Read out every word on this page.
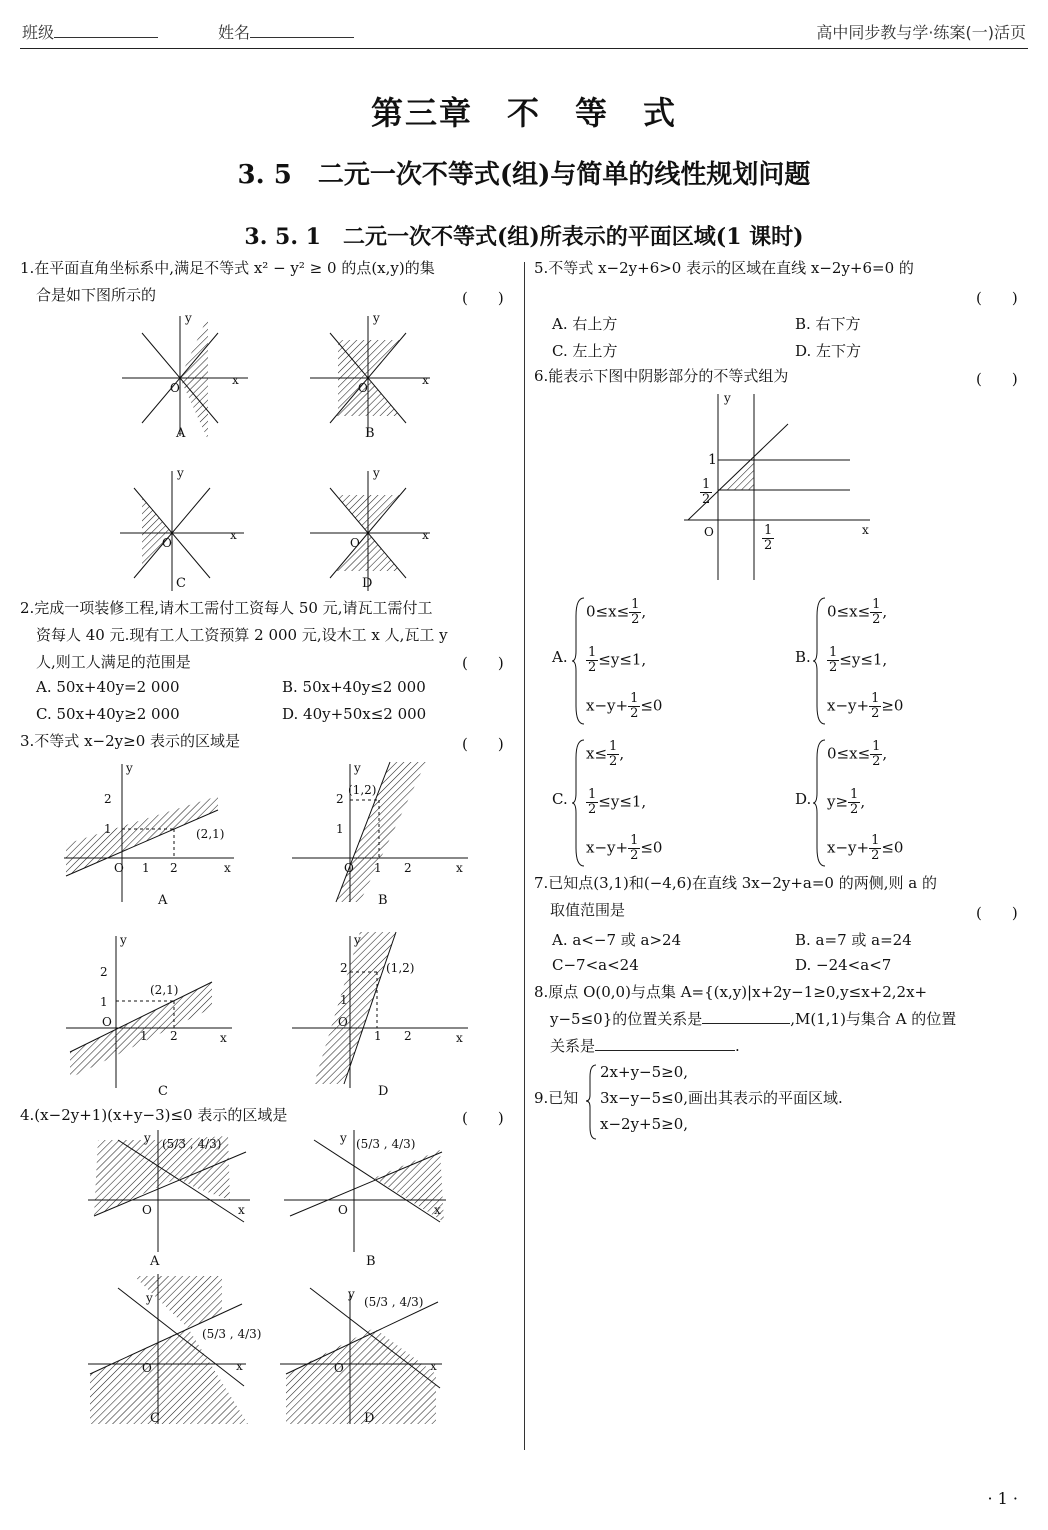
班级	姓名	高中同步教与学·练案(一)活页
第三章 不 等 式
3. 5　二元一次不等式(组)与简单的线性规划问题
3. 5. 1　二元一次不等式(组)所表示的平面区域(1 课时)
1.在平面直角坐标系中,满足不等式 x² − y² ≥ 0 的点(x,y)的集
合是如下图所示的	(　　)
O
x
y
O
x
y
O
x
y
O
x
y
O 1 2	x
y
1
2
(2,1)
O 1 2	x
y
1
2
(1,2)
O
1 2	x
y
1
2
(2,1)
O
1 2	x
y
1
2	(1,2)
O	x
y (5/3 , 4/3)
O	x
y (5/3 , 4/3)
O	x
y
(5/3 , 4/3)
O	x
y
(5/3 , 4/3)
O	x
y
A	B
C	D
2.完成一项装修工程,请木工需付工资每人 50 元,请瓦工需付工
资每人 40 元.现有工人工资预算 2 000 元,设木工 x 人,瓦工 y
人,则工人满足的范围是	(　　)
A. 50x+40y=2 000	B. 50x+40y≤2 000
C. 50x+40y≥2 000	D. 40y+50x≤2 000
3.不等式 x−2y≥0 表示的区域是	(　　)
A	B
C	D
4.(x−2y+1)(x+y−3)≤0 表示的区域是	(　　)
A	B
C	D
5.不等式 x−2y+6>0 表示的区域在直线 x−2y+6=0 的
(　　)
A. 右上方	B. 右下方
C. 左上方	D. 左下方
6.能表示下图中阴影部分的不等式组为	(　　)
1
$\frac{1}{2}$
$\frac{1}{2}$
A.
$0\le x\le \frac{1}{2}$ ,
$\frac{1}{2} \le y\le 1$,
$x-y+ \frac{1}{2} \le 0$
B.
$0\le x\le \frac{1}{2}$ ,
$\frac{1}{2} \le y\le 1$,
$x-y+ \frac{1}{2} \ge 0$
C.
$x\le \frac{1}{2}$ ,
$\frac{1}{2} \le y\le 1$,
$x-y+ \frac{1}{2} \le 0$
D.
$0\le x\le \frac{1}{2}$ ,
$y\ge \frac{1}{2}$ ,
$x-y+ \frac{1}{2} \le 0$
7.已知点(3,1)和(−4,6)在直线 3x−2y+a=0 的两侧,则 a 的
取值范围是	(　　)
A. a<−7 或 a>24	B. a=7 或 a=24
C−7<a<24	D. −24<a<7
8.原点 O(0,0)与点集 A={(x,y)|x+2y−1≥0,y≤x+2,2x+
y−5≤0}的位置关系是	,M(1,1)与集合 A 的位置
关系是	.
9.已知
2x+y−5≥0,
3x−y−5≤0,画出其表示的平面区域.
x−2y+5≥0,
· 1 ·
